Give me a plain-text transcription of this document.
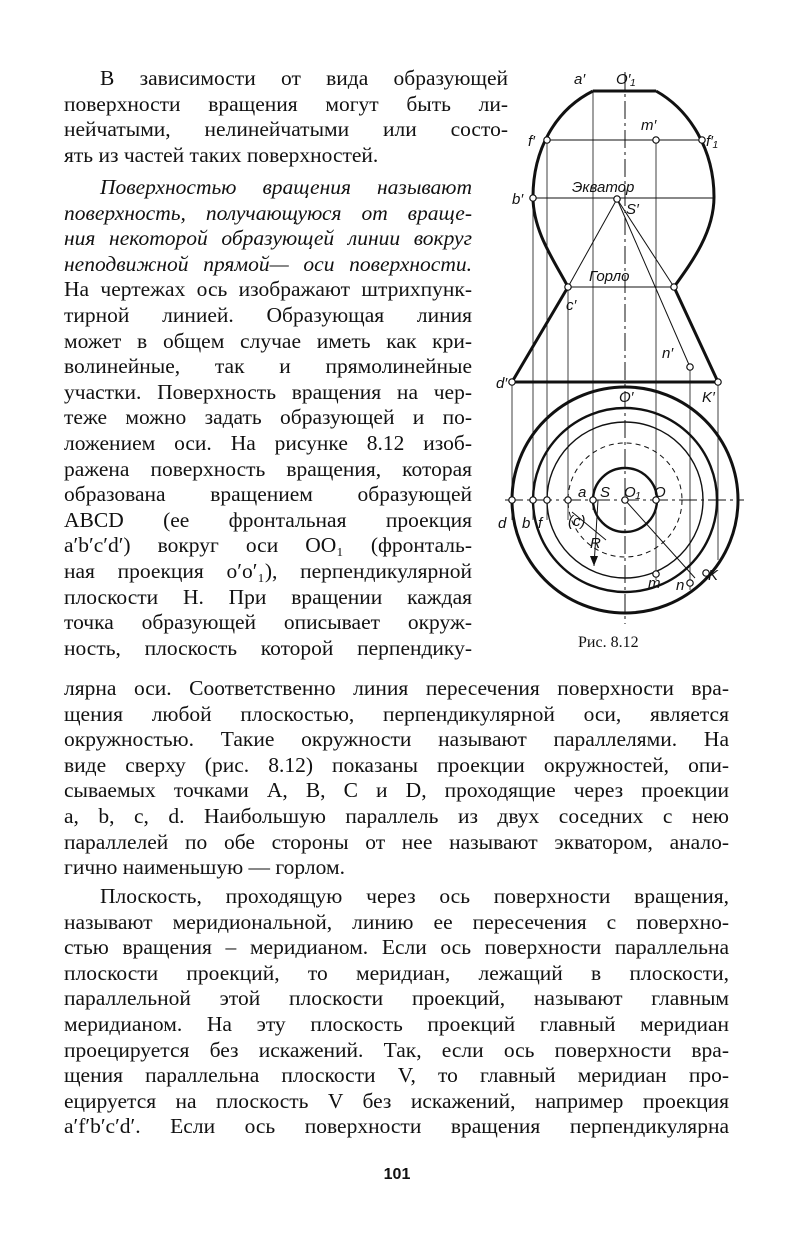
В зависимости от вида образующей
поверхности вращения могут быть ли-
нейчатыми, нелинейчатыми или состо-
ять из частей таких поверхностей.
Поверхностью вращения называют
поверхность, получающуюся от враще-
ния некоторой образующей линии вокруг
неподвижной прямой— оси поверхности.
На чертежах ось изображают штрихпунк-
тирной линией. Образующая линия
может в общем случае иметь как кри-
волинейные, так и прямолинейные
участки. Поверхность вращения на чер-
теже можно задать образующей и по-
ложением оси. На рисунке 8.12 изоб-
ражена поверхность вращения, которая
образована вращением образующей
ABCD (ее фронтальная проекция
a′b′c′d′) вокруг оси OO₁ (фронталь-
ная проекция o′o′₁), перпендикулярной
плоскости H. При вращении каждая
точка образующей описывает окруж-
ность, плоскость которой перпендику-
лярна оси. Соответственно линия пересечения поверхности вра-
щения любой плоскостью, перпендикулярной оси, является
окружностью. Такие окружности называют параллелями. На
виде сверху (рис. 8.12) показаны проекции окружностей, опи-
сываемых точками A, B, C и D, проходящие через проекции
a, b, c, d. Наибольшую параллель из двух соседних с нею
параллелей по обе стороны от нее называют экватором, анало-
гично наименьшую — горлом.
Плоскость, проходящую через ось поверхности вращения,
называют меридиональной, линию ее пересечения с поверхно-
стью вращения – меридианом. Если ось поверхности параллельна
плоскости проекций, то меридиан, лежащий в плоскости,
параллельной этой плоскости проекций, называют главным
меридианом. На эту плоскость проекций главный меридиан
проецируется без искажений. Так, если ось поверхности вра-
щения параллельна плоскости V, то главный меридиан про-
ецируется на плоскость V без искажений, например проекция
a′f′b′c′d′. Если ось поверхности вращения перпендикулярна
a′ O′₁
f′
m′
f′₁
b′
Экватор
S′
Горло
c′
n′
d′
O′	K′
d b f
a
(c)
S O₁ O
R
m n
K
Рис. 8.12
101
